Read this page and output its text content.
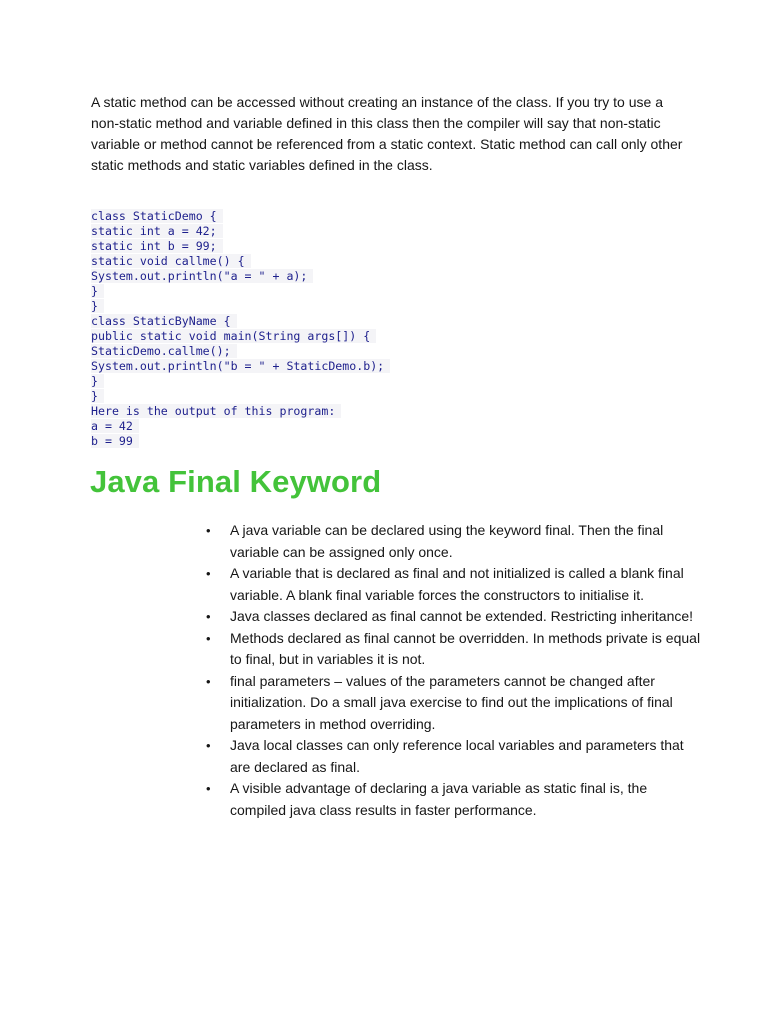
A static method can be accessed without creating an instance of the class. If you try to use a non-static method and variable defined in this class then the compiler will say that non-static variable or method cannot be referenced from a static context. Static method can call only other static methods and static variables defined in the class.

class StaticDemo {
static int a = 42;
static int b = 99;
static void callme() {
System.out.println("a = " + a);
}
}
class StaticByName {
public static void main(String args[]) {
StaticDemo.callme();
System.out.println("b = " + StaticDemo.b);
}
}
Here is the output of this program:
a = 42
b = 99
Java Final Keyword
• A java variable can be declared using the keyword final. Then the final variable can be assigned only once.
• A variable that is declared as final and not initialized is called a blank final variable. A blank final variable forces the constructors to initialise it.
• Java classes declared as final cannot be extended. Restricting inheritance!
• Methods declared as final cannot be overridden. In methods private is equal to final, but in variables it is not.
• final parameters – values of the parameters cannot be changed after initialization. Do a small java exercise to find out the implications of final parameters in method overriding.
• Java local classes can only reference local variables and parameters that are declared as final.
• A visible advantage of declaring a java variable as static final is, the compiled java class results in faster performance.
